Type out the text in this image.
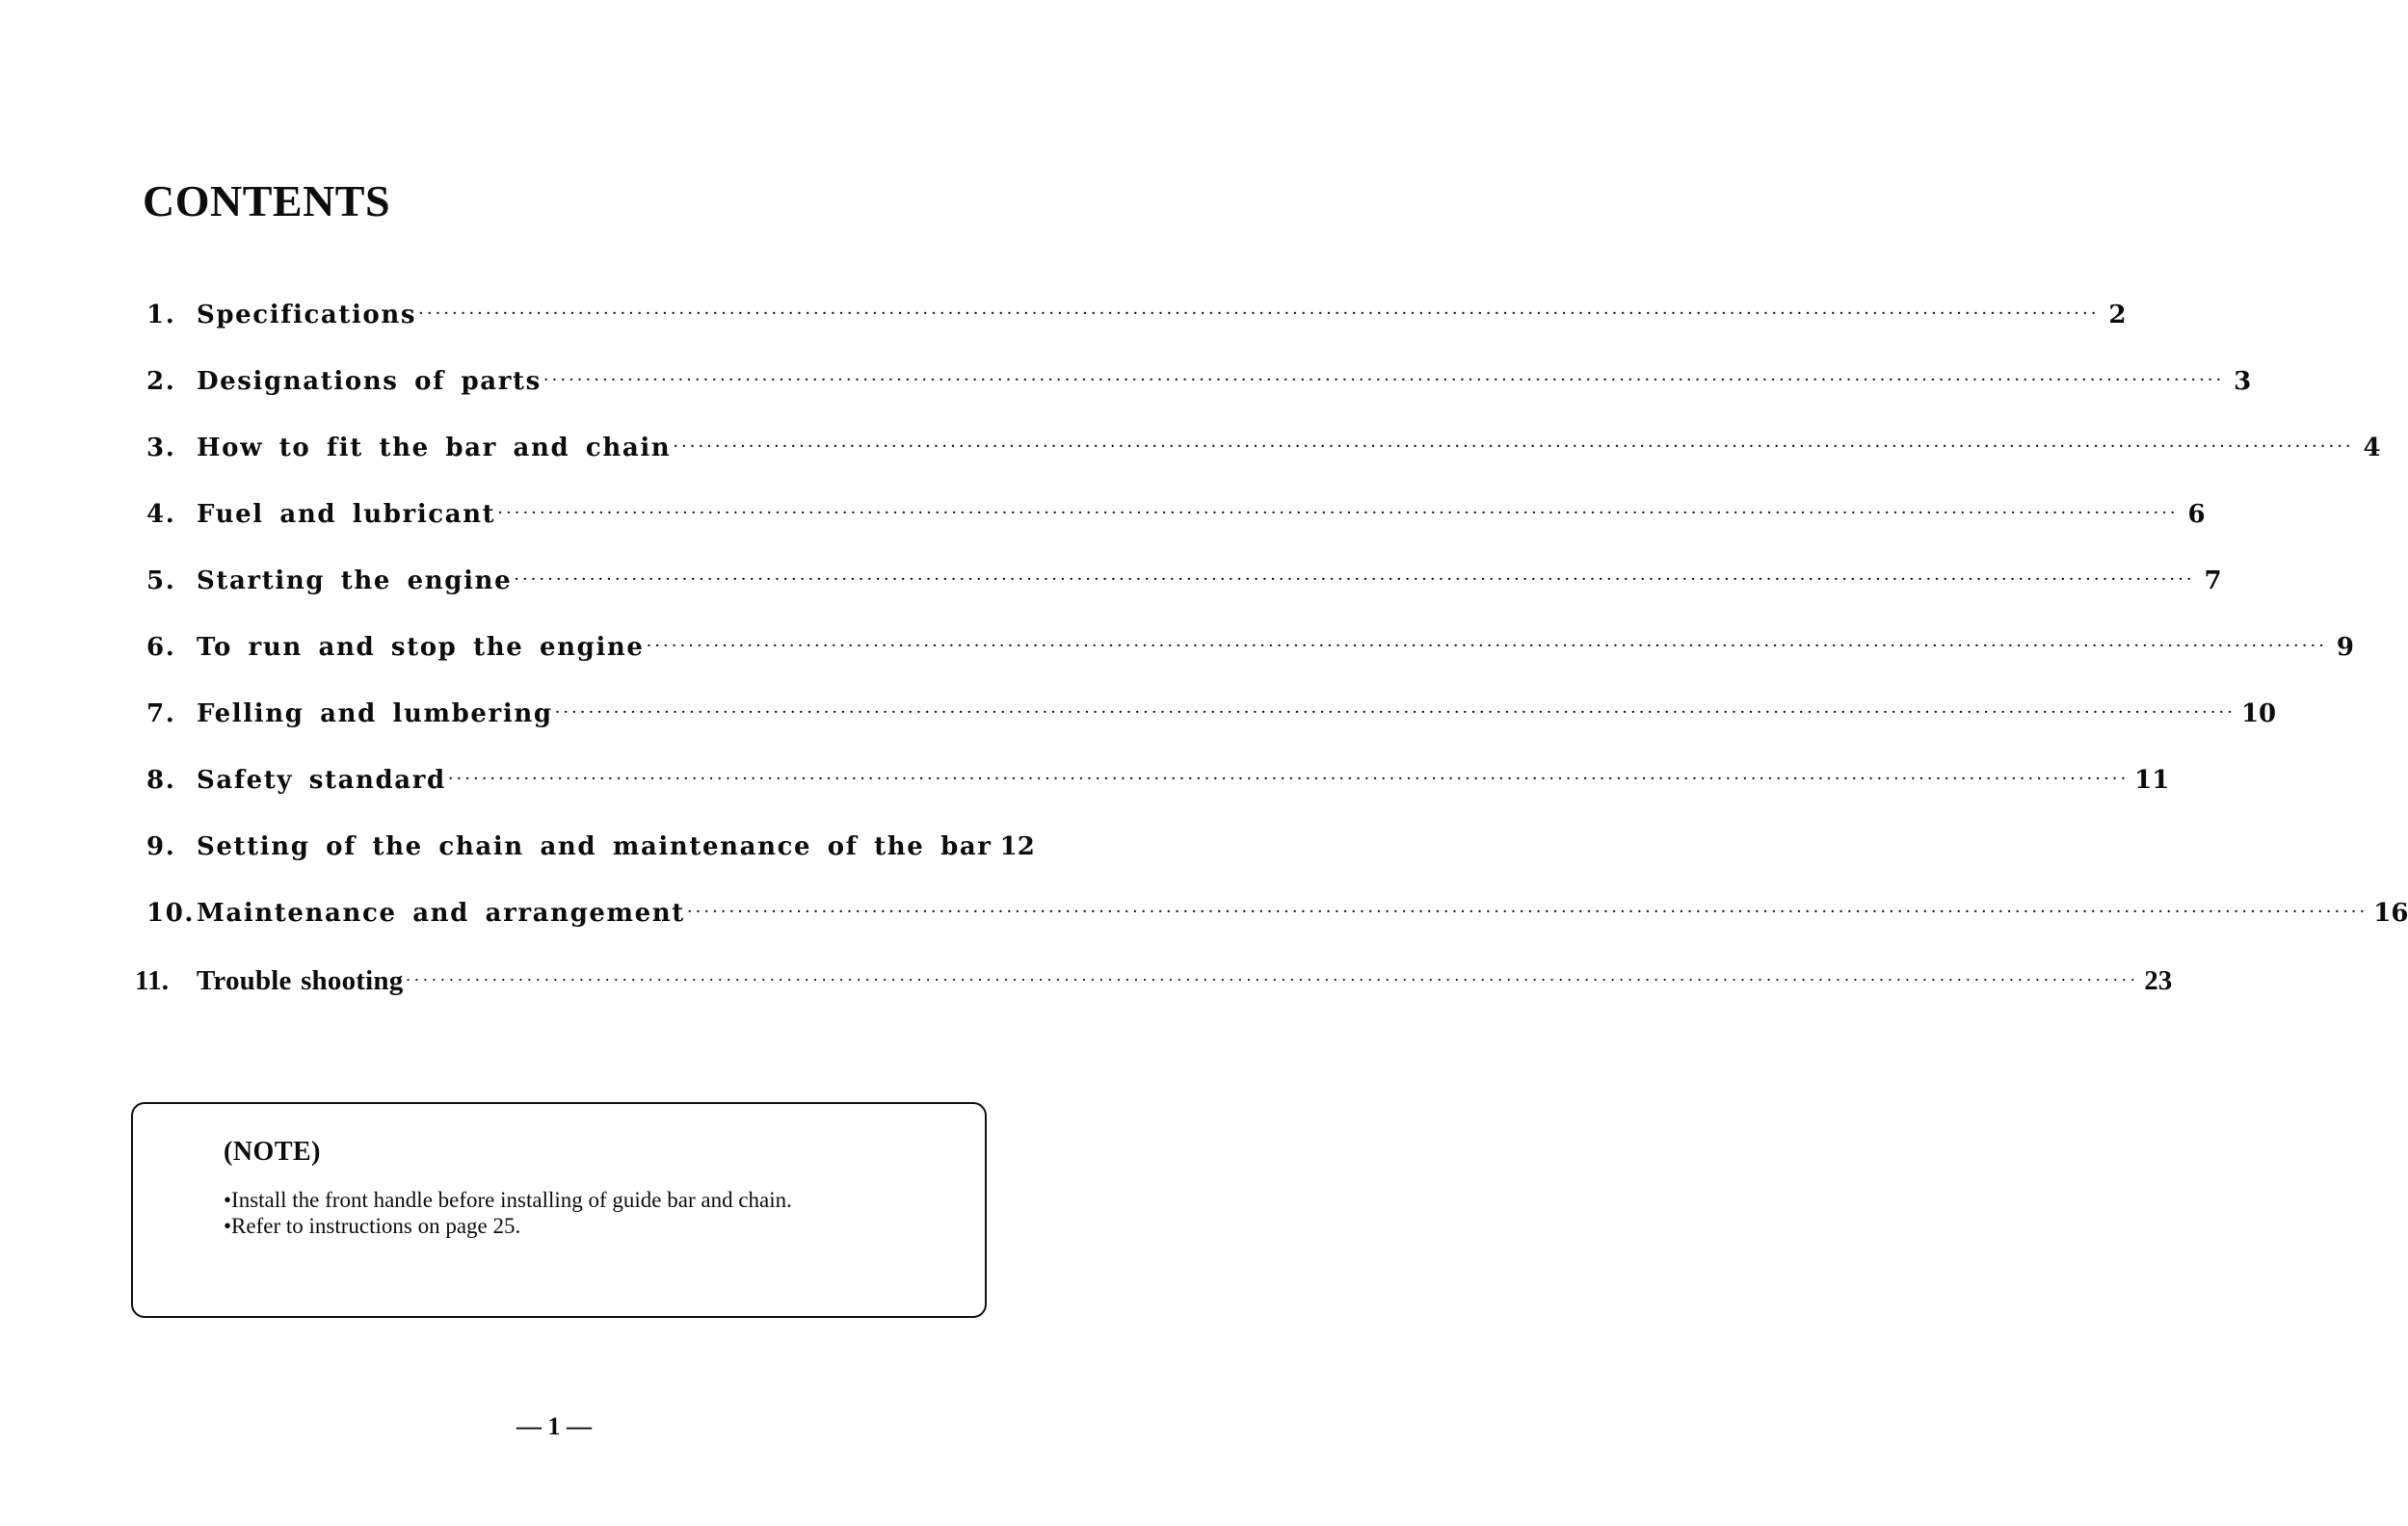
CONTENTS
1. Specifications ········································································································································································································ 2
2. Designations of parts ········································································································································································································ 3
3. How to fit the bar and chain ········································································································································································································ 4
4. Fuel and lubricant ········································································································································································································ 6
5. Starting the engine ········································································································································································································ 7
6. To run and stop the engine ········································································································································································································ 9
7. Felling and lumbering ········································································································································································································ 10
8. Safety standard ········································································································································································································ 11
9. Setting of the chain and maintenance of the bar 12
10. Maintenance and arrangement ········································································································································································································ 16
11. Trouble shooting ········································································································································································································ 23
(NOTE)
•Install the front handle before installing of guide bar and chain.
•Refer to instructions on page 25.
— 1 —
